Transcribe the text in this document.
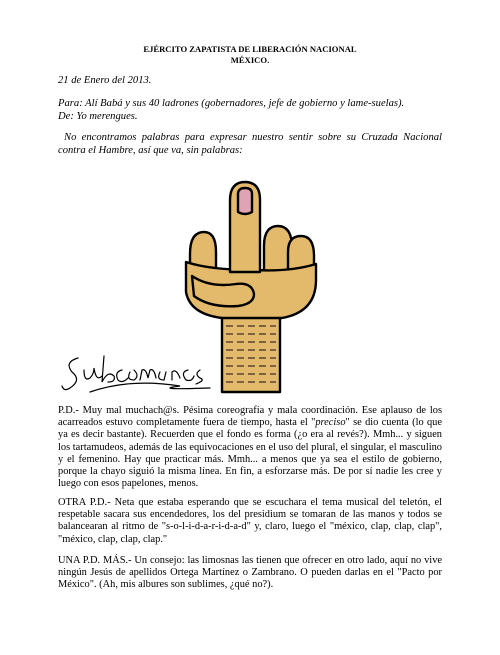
EJÉRCITO ZAPATISTA DE LIBERACIÓN NACIONAL
MÉXICO.
21 de Enero del 2013.
Para: Alí Babá y sus 40 ladrones (gobernadores, jefe de gobierno y lame-suelas).
De: Yo merengues.
No encontramos palabras para expresar nuestro sentir sobre su Cruzada Nacional contra el Hambre, así que va, sin palabras:
P.D.- Muy mal muchach@s. Pésima coreografía y mala coordinación. Ese aplauso de los acarreados estuvo completamente fuera de tiempo, hasta el "preciso" se dio cuenta (lo que ya es decir bastante). Recuerden que el fondo es forma (¿o era al revés?). Mmh... y siguen los tartamudeos, además de las equivocaciones en el uso del plural, el singular, el masculino y el femenino. Hay que practicar más. Mmh... a menos que ya sea el estilo de gobierno, porque la chayo siguió la misma línea. En fin, a esforzarse más. De por sí nadie les cree y luego con esos papelones, menos.
OTRA P.D.- Neta que estaba esperando que se escuchara el tema musical del teletón, el respetable sacara sus encendedores, los del presidium se tomaran de las manos y todos se balancearan al ritmo de "s-o-l-i-d-a-r-i-d-a-d" y, claro, luego el "méxico, clap, clap, clap", "méxico, clap, clap, clap."
UNA P.D. MÁS.- Un consejo: las limosnas las tienen que ofrecer en otro lado, aquí no vive ningún Jesús de apellidos Ortega Martínez o Zambrano. O pueden darlas en el "Pacto por México". (Ah, mis albures son sublimes, ¿qué no?).
